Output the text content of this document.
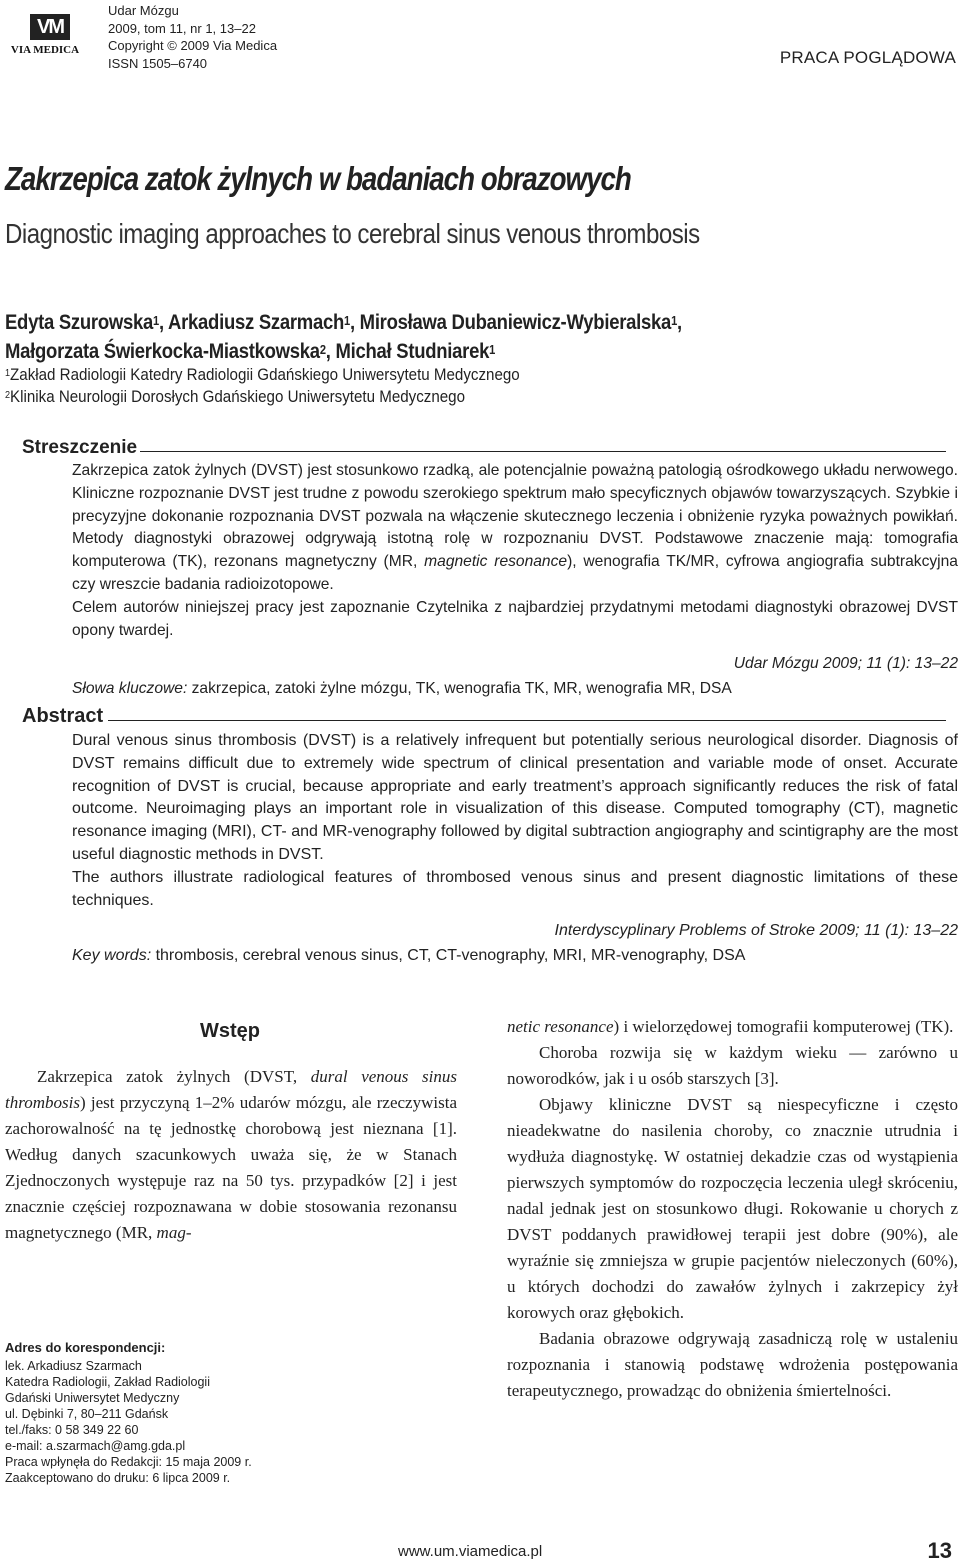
VM
VIA MEDICA
Udar Mózgu
2009, tom 11, nr 1, 13–22
Copyright © 2009 Via Medica
ISSN 1505–6740	PRACA POGLĄDOWA
Zakrzepica zatok żylnych w badaniach obrazowych
Diagnostic imaging approaches to cerebral sinus venous thrombosis
Edyta Szurowska$^1$, Arkadiusz Szarmach$^1$, Mirosława Dubaniewicz-Wybieralska$^1$,
Małgorzata Świerkocka-Miastkowska$^2$, Michał Studniarek$^1$
$^1$Zakład Radiologii Katedry Radiologii Gdańskiego Uniwersytetu Medycznego
$^2$Klinika Neurologii Dorosłych Gdańskiego Uniwersytetu Medycznego
Streszczenie

Zakrzepica zatok żylnych (DVST) jest stosunkowo rzadką, ale potencjalnie poważną patologią ośrodkowego układu nerwowego. Kliniczne rozpoznanie DVST jest trudne z powodu szerokiego spektrum mało specyficznych objawów towarzyszących. Szybkie i precyzyjne dokonanie rozpoznania DVST pozwala na włączenie skutecznego leczenia i obniżenie ryzyka poważnych powikłań. Metody diagnostyki obrazowej odgrywają istotną rolę w rozpoznaniu DVST. Podstawowe znaczenie mają: tomografia komputerowa (TK), rezonans magnetyczny (MR, magnetic resonance), wenografia TK/MR, cyfrowa angiografia subtrakcyjna czy wreszcie badania radioizotopowe.

Celem autorów niniejszej pracy jest zapoznanie Czytelnika z najbardziej przydatnymi metodami diagnostyki obrazowej DVST opony twardej.

Udar Mózgu 2009; 11 (1): 13–22

Słowa kluczowe: zakrzepica, zatoki żylne mózgu, TK, wenografia TK, MR, wenografia MR, DSA

Abstract

Dural venous sinus thrombosis (DVST) is a relatively infrequent but potentially serious neurological disorder. Diagnosis of DVST remains difficult due to extremely wide spectrum of clinical presentation and variable mode of onset. Accurate recognition of DVST is crucial, because appropriate and early treatment’s approach significantly reduces the risk of fatal outcome. Neuroimaging plays an important role in visualization of this disease. Computed tomography (CT), magnetic resonance imaging (MRI), CT- and MR-venography followed by digital subtraction angiography and scintigraphy are the most useful diagnostic methods in DVST.

The authors illustrate radiological features of thrombosed venous sinus and present diagnostic limitations of these techniques.

Interdyscyplinary Problems of Stroke 2009; 11 (1): 13–22

Key words: thrombosis, cerebral venous sinus, CT, CT-venography, MRI, MR-venography, DSA

Wstęp

Zakrzepica zatok żylnych (DVST, dural venous sinus thrombosis) jest przyczyną 1–2% udarów mózgu, ale rzeczywista zachorowalność na tę jednostkę chorobową jest nieznana [1]. Według danych szacunkowych uważa się, że w Stanach Zjednoczonych występuje raz na 50 tys. przypadków [2] i jest znacznie częściej rozpoznawana w dobie stosowania rezonansu magnetycznego (MR, mag-

netic resonance) i wielorzędowej tomografii komputerowej (TK).

Choroba rozwija się w każdym wieku — zarówno u noworodków, jak i u osób starszych [3].

Objawy kliniczne DVST są niespecyficzne i często nieadekwatne do nasilenia choroby, co znacznie utrudnia i wydłuża diagnostykę. W ostatniej dekadzie czas od wystąpienia pierwszych symptomów do rozpoczęcia leczenia uległ skróceniu, nadal jednak jest on stosunkowo długi. Rokowanie u chorych z DVST poddanych prawidłowej terapii jest dobre (90%), ale wyraźnie się zmniejsza w grupie pacjentów nieleczonych (60%), u których dochodzi do zawałów żylnych i zakrzepicy żył korowych oraz głębokich.

Badania obrazowe odgrywają zasadniczą rolę w ustaleniu rozpoznania i stanowią podstawę wdrożenia postępowania terapeutycznego, prowadząc do obniżenia śmiertelności.

Adres do korespondencji:
lek. Arkadiusz Szarmach
Katedra Radiologii, Zakład Radiologii
Gdański Uniwersytet Medyczny
ul. Dębinki 7, 80–211 Gdańsk
tel./faks: 0 58 349 22 60
e-mail: a.szarmach@amg.gda.pl
Praca wpłynęła do Redakcji: 15 maja 2009 r.
Zaakceptowano do druku: 6 lipca 2009 r.
www.um.viamedica.pl	13
